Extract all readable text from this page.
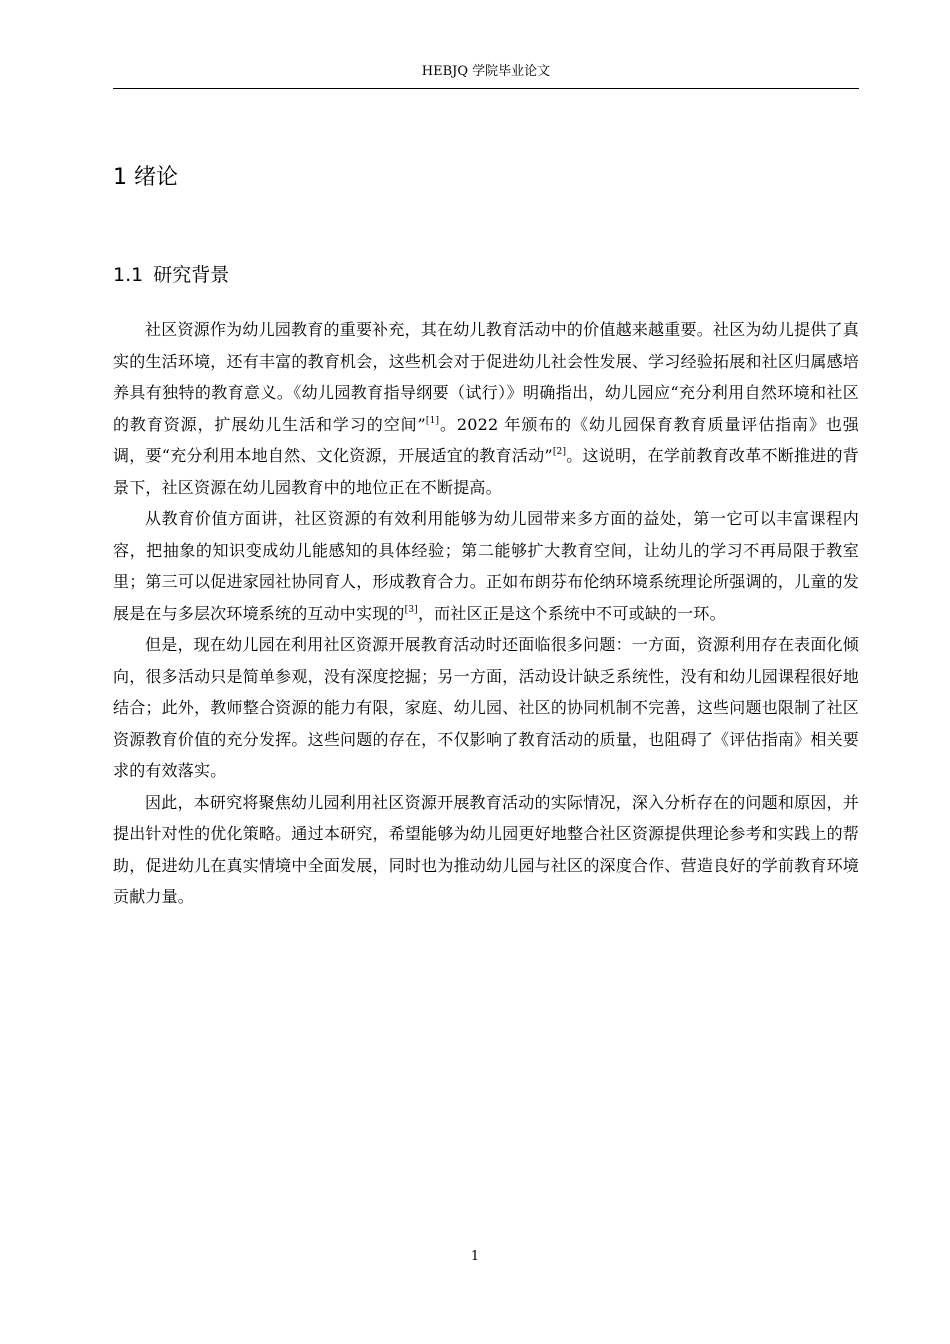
HEBJQ 学院毕业论文
1 绪论
1.1 研究背景

社区资源作为幼儿园教育的重要补充，其在幼儿教育活动中的价值越来越重要。社区为幼儿提供了真实的生活环境，还有丰富的教育机会，这些机会对于促进幼儿社会性发展、学习经验拓展和社区归属感培养具有独特的教育意义。《幼儿园教育指导纲要（试行）》明确指出，幼儿园应“充分利用自然环境和社区的教育资源，扩展幼儿生活和学习的空间”[1]。2022 年颁布的《幼儿园保育教育质量评估指南》也强调，要“充分利用本地自然、文化资源，开展适宜的教育活动”[2]。这说明，在学前教育改革不断推进的背景下，社区资源在幼儿园教育中的地位正在不断提高。

从教育价值方面讲，社区资源的有效利用能够为幼儿园带来多方面的益处，第一它可以丰富课程内容，把抽象的知识变成幼儿能感知的具体经验；第二能够扩大教育空间，让幼儿的学习不再局限于教室里；第三可以促进家园社协同育人，形成教育合力。正如布朗芬布伦纳环境系统理论所强调的，儿童的发展是在与多层次环境系统的互动中实现的[3]，而社区正是这个系统中不可或缺的一环。

但是，现在幼儿园在利用社区资源开展教育活动时还面临很多问题：一方面，资源利用存在表面化倾向，很多活动只是简单参观，没有深度挖掘；另一方面，活动设计缺乏系统性，没有和幼儿园课程很好地结合；此外，教师整合资源的能力有限，家庭、幼儿园、社区的协同机制不完善，这些问题也限制了社区资源教育价值的充分发挥。这些问题的存在，不仅影响了教育活动的质量，也阻碍了《评估指南》相关要求的有效落实。

因此，本研究将聚焦幼儿园利用社区资源开展教育活动的实际情况，深入分析存在的问题和原因，并提出针对性的优化策略。通过本研究，希望能够为幼儿园更好地整合社区资源提供理论参考和实践上的帮助，促进幼儿在真实情境中全面发展，同时也为推动幼儿园与社区的深度合作、营造良好的学前教育环境贡献力量。

1
